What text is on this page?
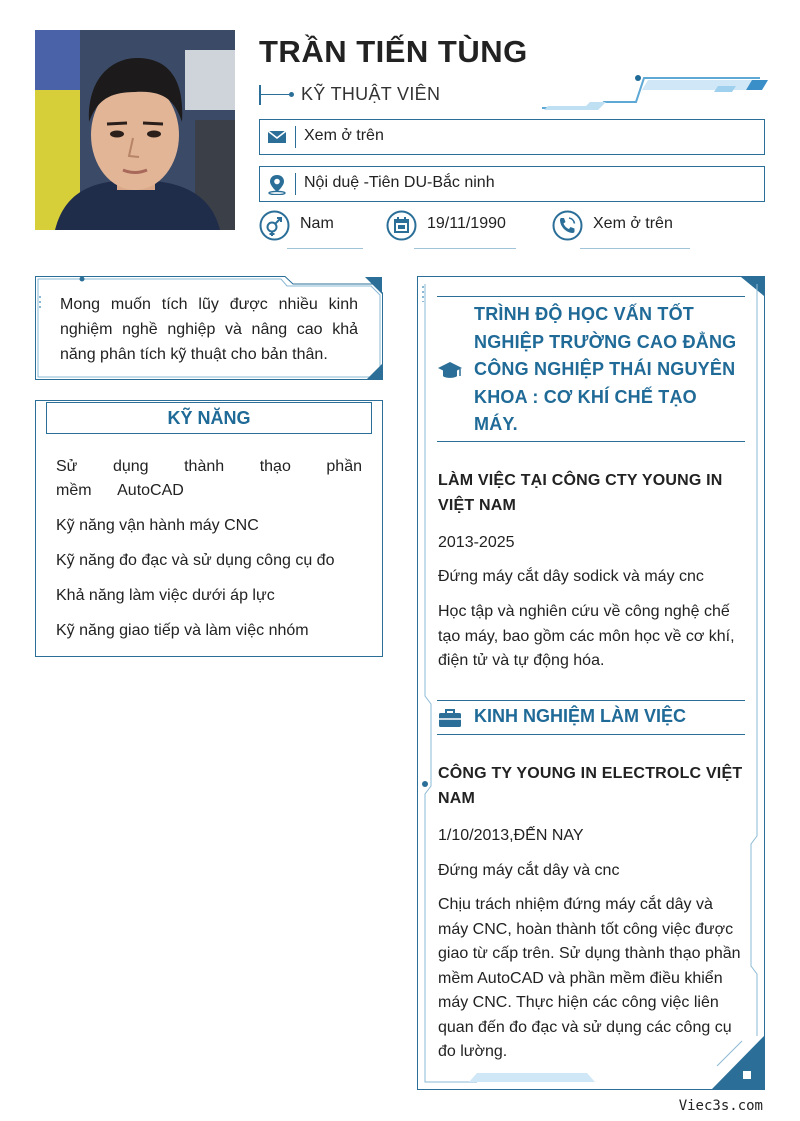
TRẦN TIẾN TÙNG
KỸ THUẬT VIÊN
Xem ở trên
Nội duệ -Tiên DU-Bắc ninh
Nam	19/11/1990	Xem ở trên
Mong muốn tích lũy được nhiều kinh nghiệm nghề nghiệp và nâng cao khả năng phân tích kỹ thuật cho bản thân.
KỸ NĂNG
Sử dụng thành thạo phần mềm AutoCAD
Kỹ năng vận hành máy CNC
Kỹ năng đo đạc và sử dụng công cụ đo
Khả năng làm việc dưới áp lực
Kỹ năng giao tiếp và làm việc nhóm
TRÌNH ĐỘ HỌC VẤN TỐT NGHIỆP TRƯỜNG CAO ĐẲNG CÔNG NGHIỆP THÁI NGUYÊN KHOA : CƠ KHÍ CHẾ TẠO MÁY.
LÀM VIỆC TẠI CÔNG CTY YOUNG IN VIỆT NAM
2013-2025
Đứng máy cắt dây sodick và máy cnc
Học tập và nghiên cứu về công nghệ chế tạo máy, bao gồm các môn học về cơ khí, điện tử và tự động hóa.
KINH NGHIỆM LÀM VIỆC
CÔNG TY YOUNG IN ELECTROLC VIỆT NAM
1/10/2013,ĐẾN NAY
Đứng máy cắt dây và cnc
Chịu trách nhiệm đứng máy cắt dây và máy CNC, hoàn thành tốt công việc được giao từ cấp trên. Sử dụng thành thạo phần mềm AutoCAD và phần mềm điều khiển máy CNC. Thực hiện các công việc liên quan đến đo đạc và sử dụng các công cụ đo lường.
Viec3s.com
